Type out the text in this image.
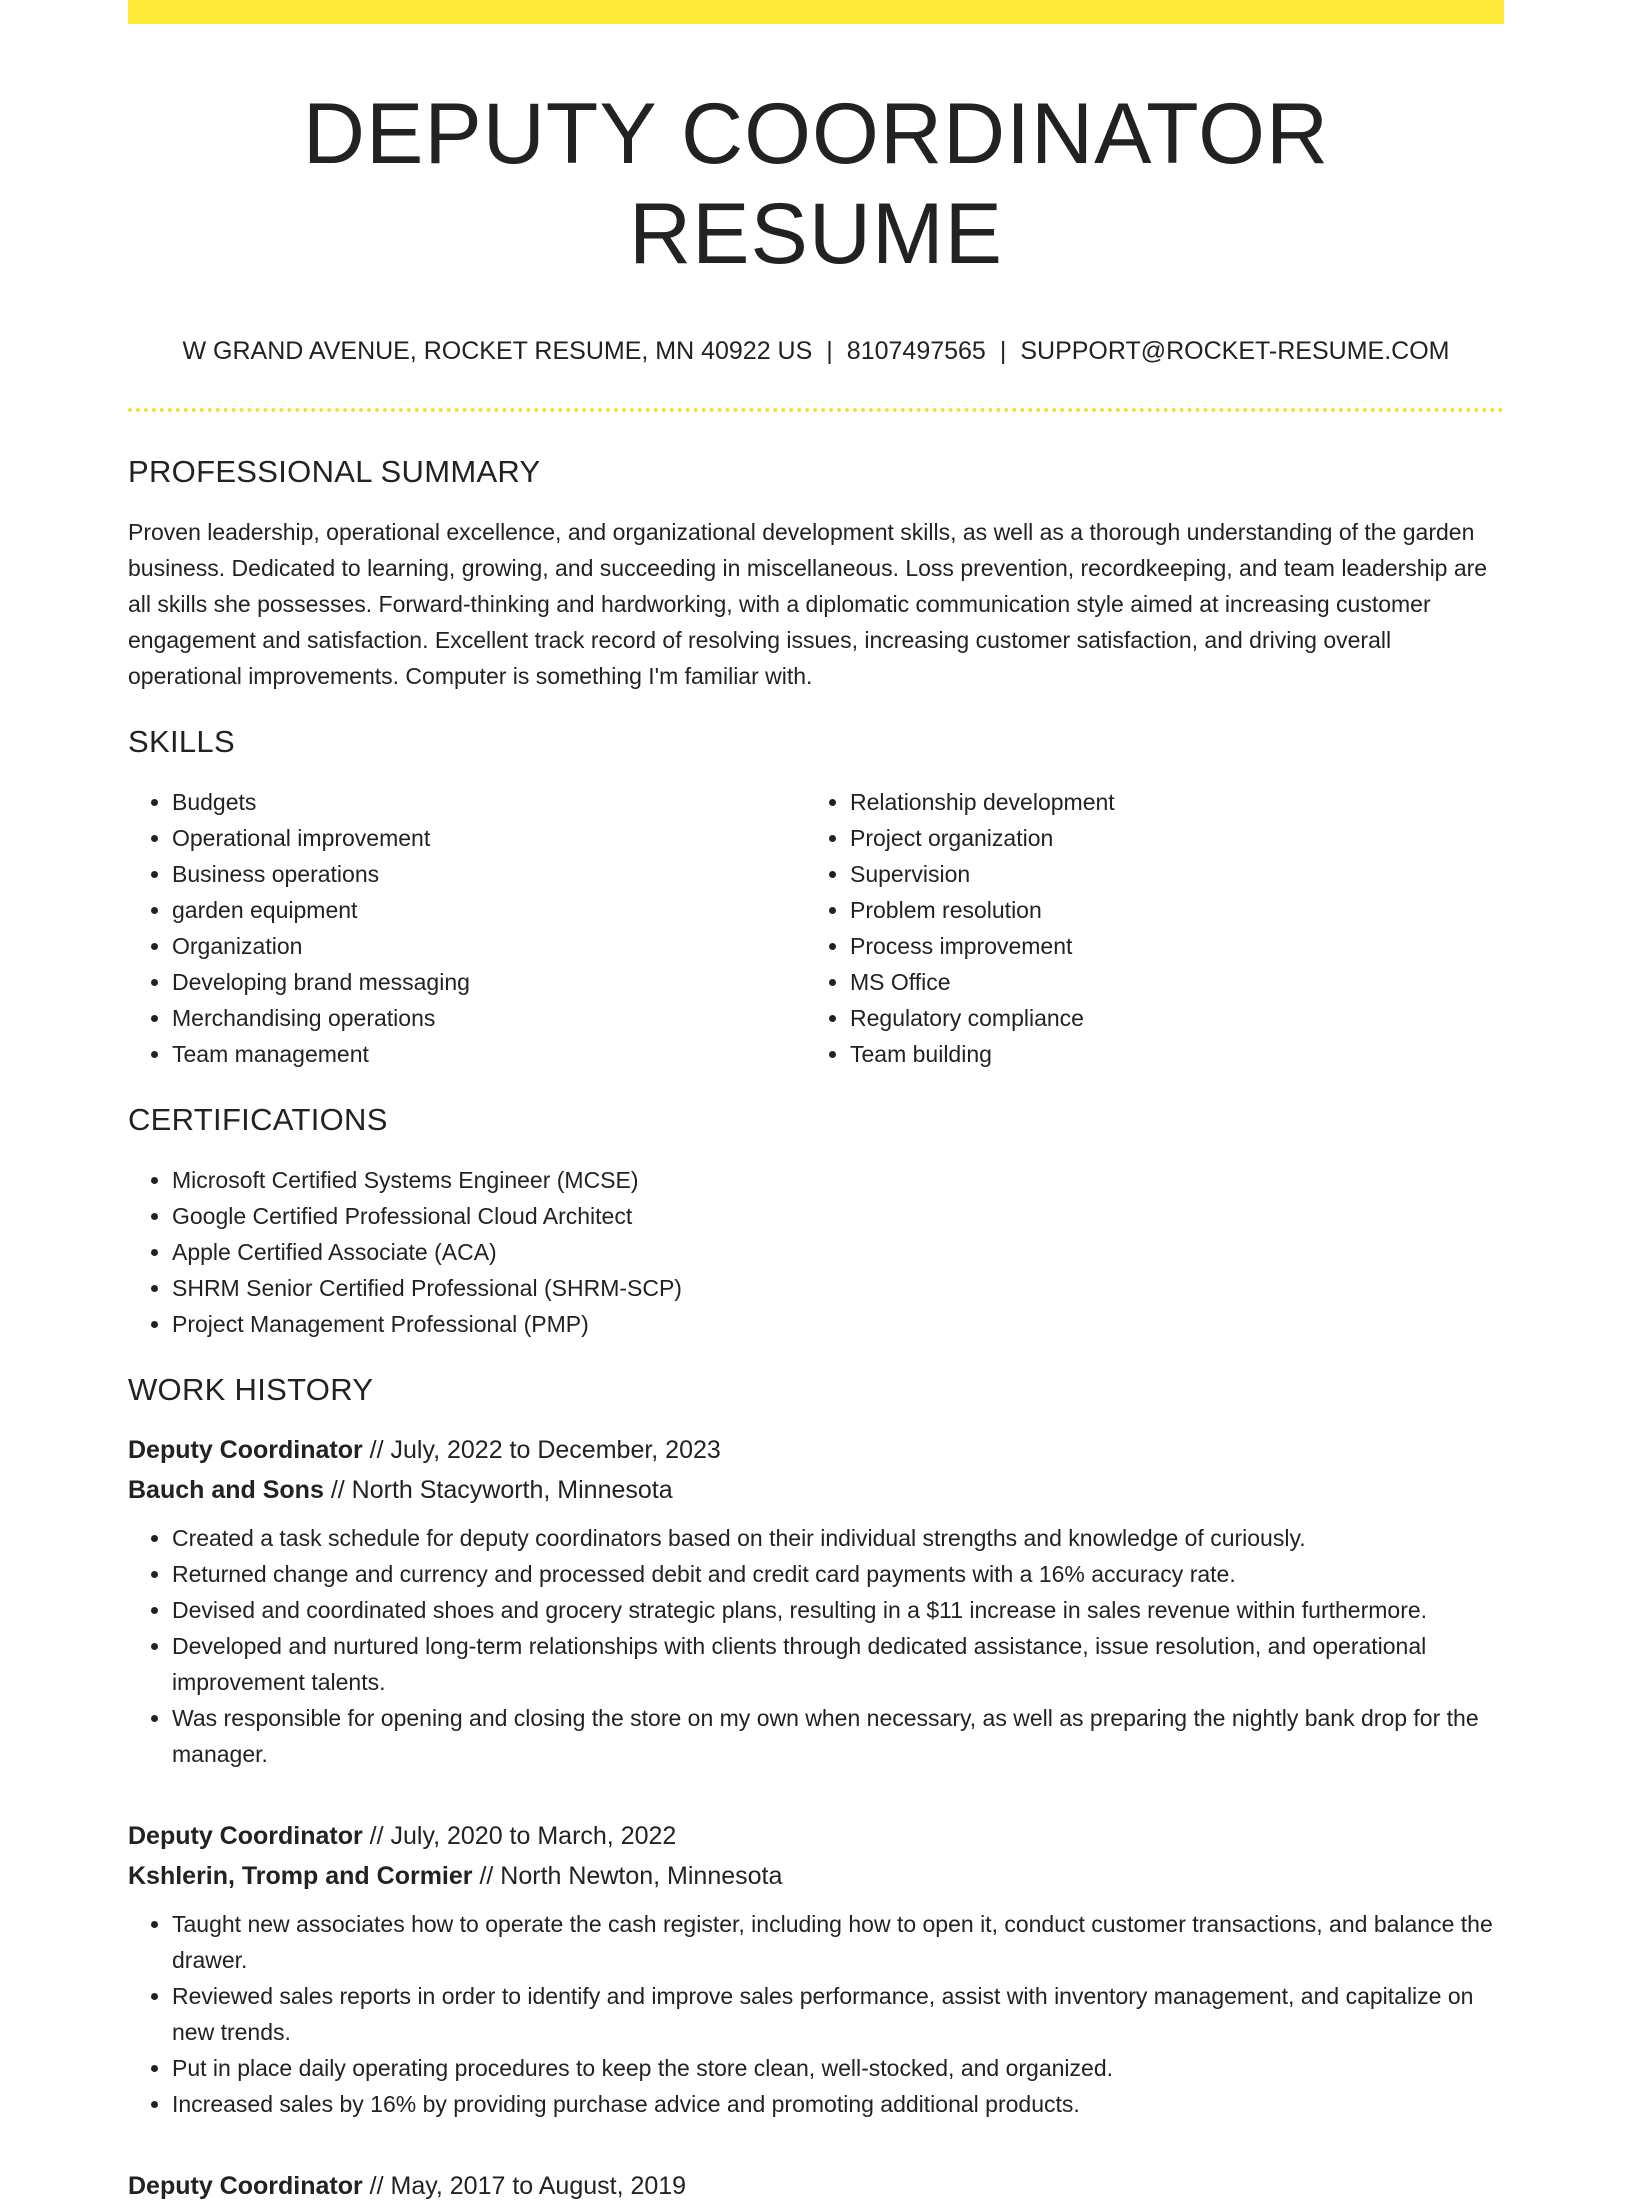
DEPUTY COORDINATOR RESUME
W GRAND AVENUE, ROCKET RESUME, MN 40922 US | 8107497565 | SUPPORT@ROCKET-RESUME.COM
PROFESSIONAL SUMMARY
Proven leadership, operational excellence, and organizational development skills, as well as a thorough understanding of the garden business. Dedicated to learning, growing, and succeeding in miscellaneous. Loss prevention, recordkeeping, and team leadership are all skills she possesses. Forward-thinking and hardworking, with a diplomatic communication style aimed at increasing customer engagement and satisfaction. Excellent track record of resolving issues, increasing customer satisfaction, and driving overall operational improvements. Computer is something I'm familiar with.
SKILLS
• Budgets
• Operational improvement
• Business operations
• garden equipment
• Organization
• Developing brand messaging
• Merchandising operations
• Team management
• Relationship development
• Project organization
• Supervision
• Problem resolution
• Process improvement
• MS Office
• Regulatory compliance
• Team building
CERTIFICATIONS
• Microsoft Certified Systems Engineer (MCSE)
• Google Certified Professional Cloud Architect
• Apple Certified Associate (ACA)
• SHRM Senior Certified Professional (SHRM-SCP)
• Project Management Professional (PMP)
WORK HISTORY
Deputy Coordinator // July, 2022 to December, 2023
Bauch and Sons // North Stacyworth, Minnesota
• Created a task schedule for deputy coordinators based on their individual strengths and knowledge of curiously.
• Returned change and currency and processed debit and credit card payments with a 16% accuracy rate.
• Devised and coordinated shoes and grocery strategic plans, resulting in a $11 increase in sales revenue within furthermore.
• Developed and nurtured long-term relationships with clients through dedicated assistance, issue resolution, and operational improvement talents.
• Was responsible for opening and closing the store on my own when necessary, as well as preparing the nightly bank drop for the manager.
Deputy Coordinator // July, 2020 to March, 2022
Kshlerin, Tromp and Cormier // North Newton, Minnesota
• Taught new associates how to operate the cash register, including how to open it, conduct customer transactions, and balance the drawer.
• Reviewed sales reports in order to identify and improve sales performance, assist with inventory management, and capitalize on new trends.
• Put in place daily operating procedures to keep the store clean, well-stocked, and organized.
• Increased sales by 16% by providing purchase advice and promoting additional products.
Deputy Coordinator // May, 2017 to August, 2019
